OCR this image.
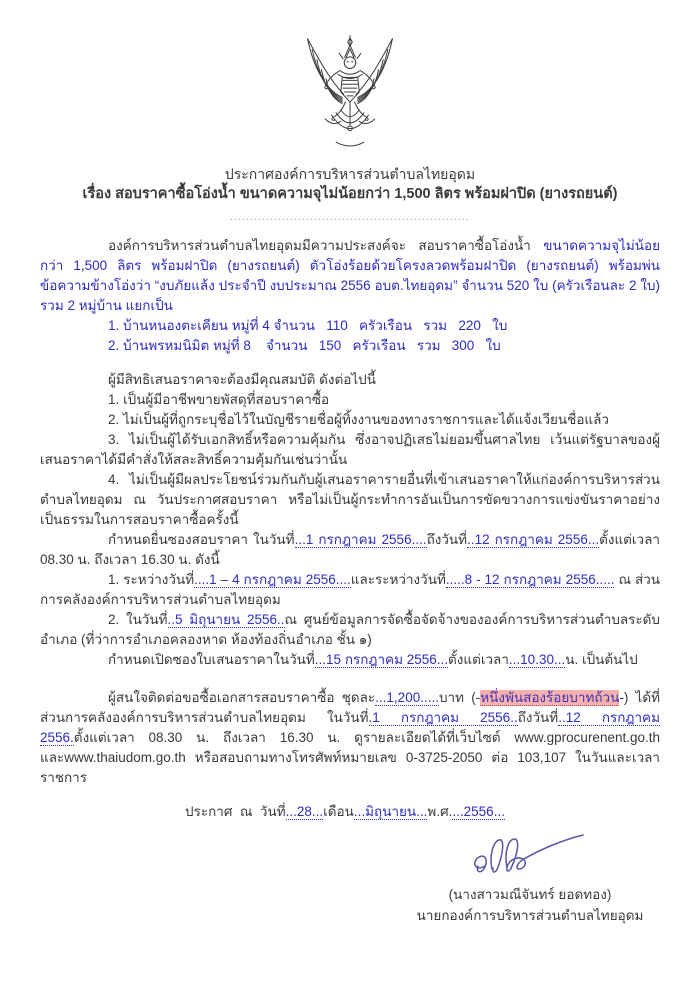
ประกาศองค์การบริหารส่วนตำบลไทยอุดม

เรื่อง สอบราคาซื้อโอ่งน้ำ ขนาดความจุไม่น้อยกว่า 1,500 ลิตร พร้อมฝาปิด (ยางรถยนต์)

............................................................

องค์การบริหารส่วนตำบลไทยอุดมมีความประสงค์จะ สอบราคาซื้อโอ่งน้ำ ขนาดความจุไม่น้อยกว่า 1,500 ลิตร พร้อมฝาปิด (ยางรถยนต์) ตัวโอ่งร้อยด้วยโครงลวดพร้อมฝาปิด (ยางรถยนต์) พร้อมพ่นข้อความข้างโอ่งว่า “งบภัยแล้ง ประจำปี งบประมาณ 2556 อบต.ไทยอุดม” จำนวน 520 ใบ (ครัวเรือนละ 2 ใบ) รวม 2 หมู่บ้าน แยกเป็น

1. บ้านหนองตะเคียน หมู่ที่ 4 จำนวน   110   ครัวเรือน   รวม   220   ใบ

2. บ้านพรหมนิมิต หมู่ที่ 8    จำนวน   150   ครัวเรือน   รวม   300   ใบ

ผู้มีสิทธิเสนอราคาจะต้องมีคุณสมบัติ ดังต่อไปนี้

1. เป็นผู้มีอาชีพขายพัสดุที่สอบราคาซื้อ

2. ไม่เป็นผู้ที่ถูกระบุชื่อไว้ในบัญชีรายชื่อผู้ทิ้งงานของทางราชการและได้แจ้งเวียนชื่อแล้ว

3. ไม่เป็นผู้ได้รับเอกสิทธิ์หรือความคุ้มกัน ซึ่งอาจปฏิเสธไม่ยอมขึ้นศาลไทย เว้นแต่รัฐบาลของผู้เสนอราคาได้มีคำสั่งให้สละสิทธิ์ความคุ้มกันเช่นว่านั้น

4. ไม่เป็นผู้มีผลประโยชน์ร่วมกันกับผู้เสนอราคารายอื่นที่เข้าเสนอราคาให้แก่องค์การบริหารส่วนตำบลไทยอุดม ณ วันประกาศสอบราคา หรือไม่เป็นผู้กระทำการอันเป็นการขัดขวางการแข่งขันราคาอย่างเป็นธรรมในการสอบราคาซื้อครั้งนี้

กำหนดยื่นซองสอบราคา ในวันที่...1 กรกฎาคม 2556....ถึงวันที่..12 กรกฎาคม 2556...ตั้งแต่เวลา 08.30 น. ถึงเวลา 16.30 น. ดังนี้

1. ระหว่างวันที่....1 – 4 กรกฎาคม 2556....และระหว่างวันที่.....8 - 12 กรกฎาคม 2556..... ณ ส่วนการคลังองค์การบริหารส่วนตำบลไทยอุดม

2. ในวันที่..5 มิถุนายน 2556..ณ ศูนย์ข้อมูลการจัดซื้อจัดจ้างขององค์การบริหารส่วนตำบลระดับอำเภอ (ที่ว่าการอำเภอคลองหาด ห้องท้องถิ่นอำเภอ ชั้น ๑)

กำหนดเปิดซองใบเสนอราคาในวันที่...15 กรกฎาคม 2556...ตั้งแต่เวลา...10.30...น. เป็นต้นไป

ผู้สนใจติดต่อขอซื้อเอกสารสอบราคาซื้อ ชุดละ...1,200.....บาท (-หนึ่งพันสองร้อยบาทถ้วน-) ได้ที่ ส่วนการคลังองค์การบริหารส่วนตำบลไทยอุดม ในวันที่.1 กรกฎาคม 2556..ถึงวันที่..12 กรกฎาคม 2556.ตั้งแต่เวลา 08.30 น. ถึงเวลา 16.30 น. ดูรายละเอียดได้ที่เว็บไซต์ www.gprocurenent.go.th และwww.thaiudom.go.th หรือสอบถามทางโทรศัพท์หมายเลข 0-3725-2050 ต่อ 103,107 ในวันและเวลาราชการ

ประกาศ  ณ  วันที่...28...เดือน...มิถุนายน...พ.ศ....2556...

(นางสาวมณีจันทร์ ยอดทอง)

นายกองค์การบริหารส่วนตำบลไทยอุดม
